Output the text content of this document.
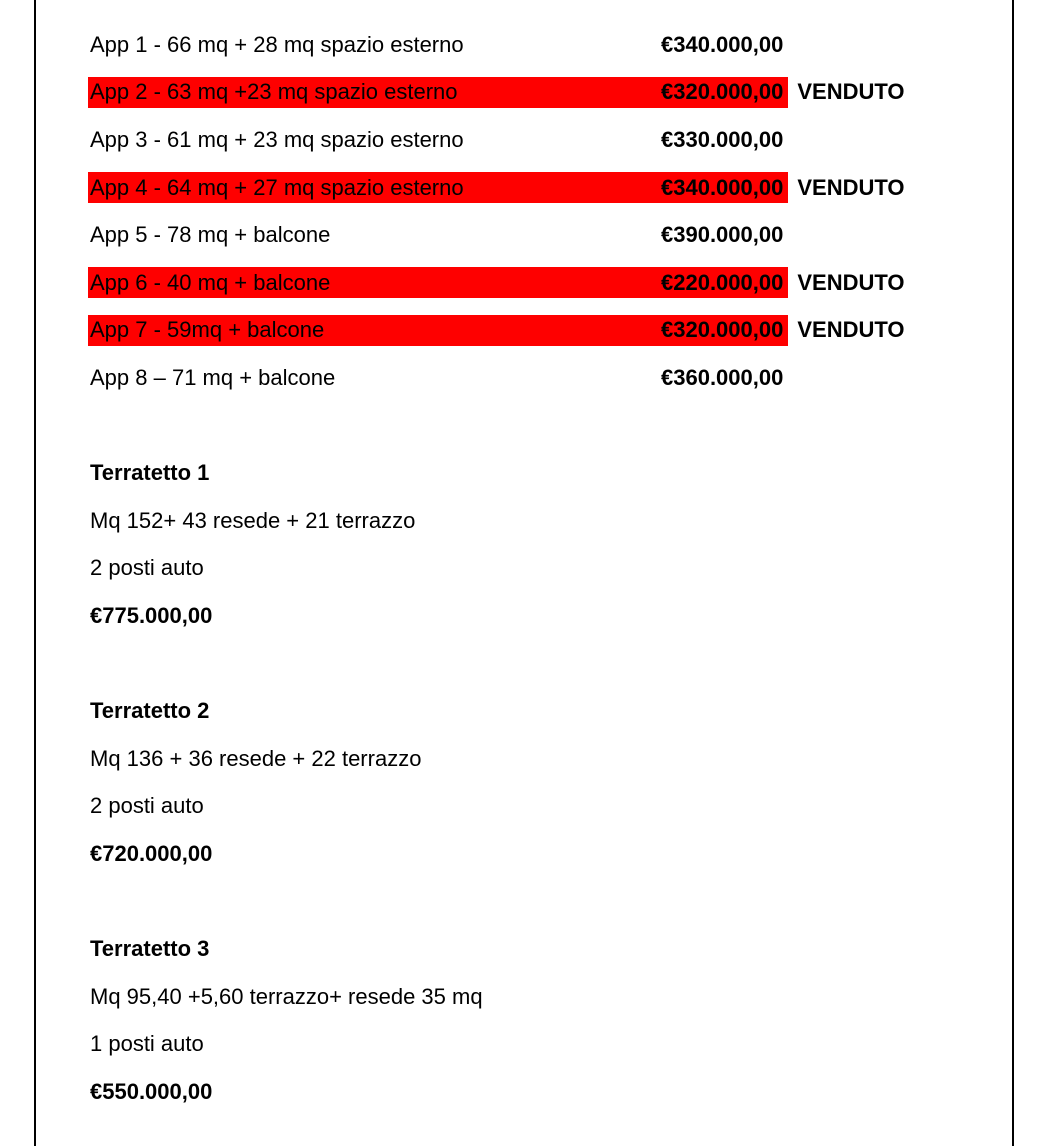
App 1 - 66 mq + 28 mq spazio esterno	€340.000,00
App 2 - 63 mq +23 mq spazio esterno	€320.000,00 VENDUTO
App 3 - 61 mq + 23 mq spazio esterno	€330.000,00
App 4 - 64 mq + 27 mq spazio esterno	€340.000,00 VENDUTO
App 5 - 78 mq + balcone	€390.000,00
App 6 - 40 mq + balcone	€220.000,00 VENDUTO
App 7 - 59mq + balcone	€320.000,00 VENDUTO
App 8 – 71 mq + balcone	€360.000,00
Terratetto 1
Mq 152+ 43 resede + 21 terrazzo
2 posti auto
€775.000,00
Terratetto 2
Mq 136 + 36 resede + 22 terrazzo
2 posti auto
€720.000,00
Terratetto 3
Mq 95,40 +5,60 terrazzo+ resede 35 mq
1 posti auto
€550.000,00
